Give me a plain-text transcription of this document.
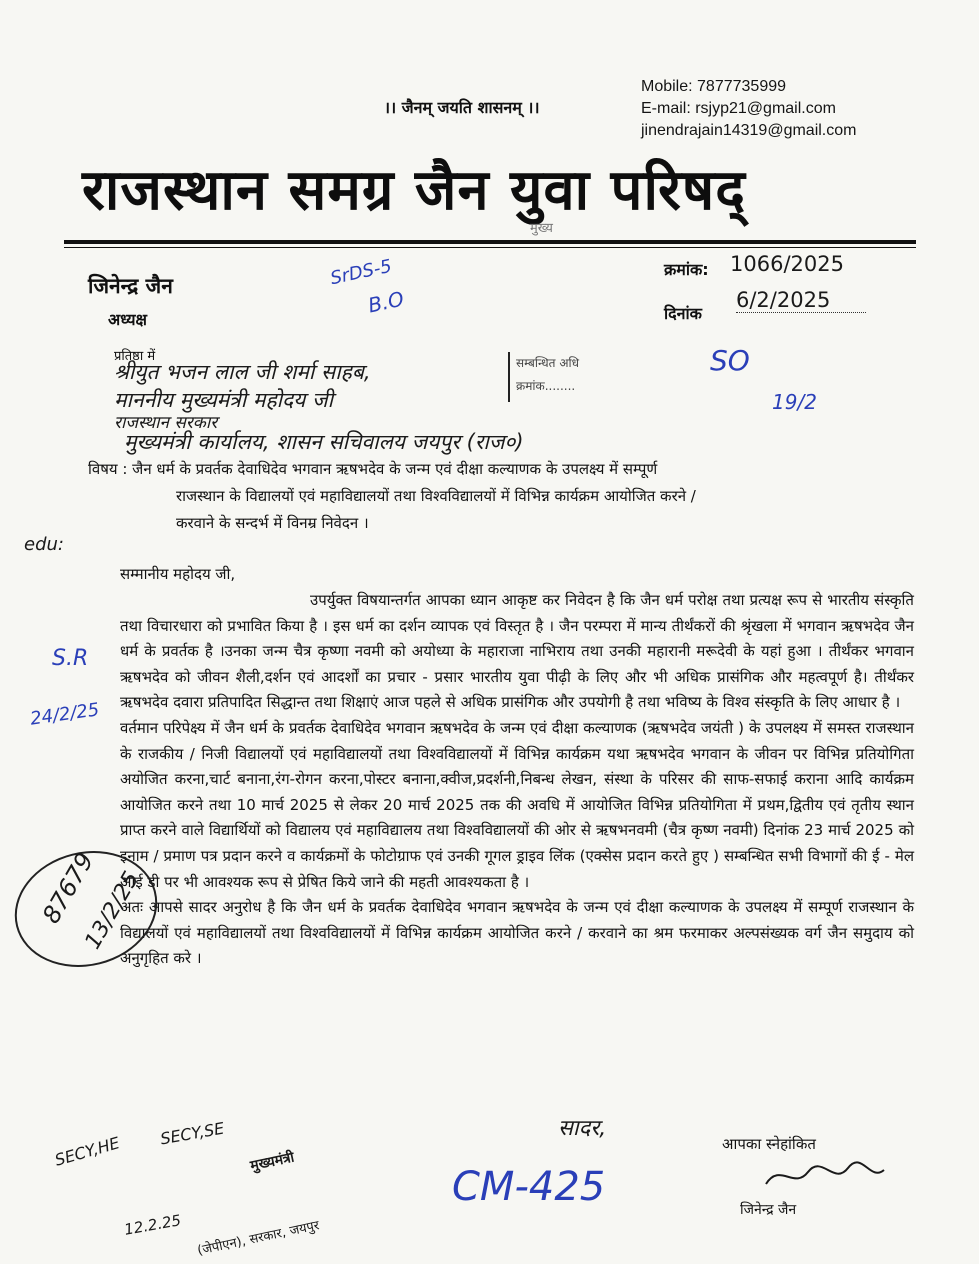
Mobile: 7877735999
E-mail: rsjyp21@gmail.com
jinendrajain14319@gmail.com
।। जैनम् जयति शासनम् ।।
राजस्थान समग्र जैन युवा परिषद्
मुख्य
जिनेन्द्र जैन
अध्यक्ष
क्रमांक: 1066/2025
दिनांक
6/2/2025
SrDS-5
B.O
SO
19/2
प्रतिष्ठा में
श्रीयुत भजन लाल जी शर्मा साहब,
माननीय मुख्यमंत्री महोदय जी
राजस्थान सरकार
मुख्यमंत्री कार्यालय, शासन सचिवालय जयपुर (राज०)
सम्बन्धित अधि
क्रमांक........
विषय : जैन धर्म के प्रवर्तक देवाधिदेव भगवान ऋषभदेव के जन्म एवं दीक्षा कल्याणक के उपलक्ष्य में सम्पूर्ण
राजस्थान के विद्यालयों एवं महाविद्यालयों तथा विश्वविद्यालयों में विभिन्न कार्यक्रम आयोजित करने /
करवाने के सन्दर्भ में विनम्र निवेदन ।
edu:
सम्मानीय महोदय जी,

उपर्युक्त विषयान्तर्गत आपका ध्यान आकृष्ट कर निवेदन है कि जैन धर्म परोक्ष तथा प्रत्यक्ष रूप से भारतीय संस्कृति तथा विचारधारा को प्रभावित किया है । इस धर्म का दर्शन व्यापक एवं विस्तृत है । जैन परम्परा में मान्य तीर्थंकरों की श्रृंखला में भगवान ऋषभदेव जैन धर्म के प्रवर्तक है ।उनका जन्म चैत्र कृष्णा नवमी को अयोध्या के महाराजा नाभिराय तथा उनकी महारानी मरूदेवी के यहां हुआ । तीर्थंकर भगवान ऋषभदेव को जीवन शैली,दर्शन एवं आदर्शों का प्रचार - प्रसार भारतीय युवा पीढ़ी के लिए और भी अधिक प्रासंगिक और महत्वपूर्ण है। तीर्थंकर ऋषभदेव दवारा प्रतिपादित सिद्धान्त तथा शिक्षाएं आज पहले से अधिक प्रासंगिक और उपयोगी है तथा भविष्य के विश्व संस्कृति के लिए आधार है ।

वर्तमान परिपेक्ष्य में जैन धर्म के प्रवर्तक देवाधिदेव भगवान ऋषभदेव के जन्म एवं दीक्षा कल्याणक (ऋषभदेव जयंती ) के उपलक्ष्य में समस्त राजस्थान के राजकीय / निजी विद्यालयों एवं महाविद्यालयों तथा विश्वविद्यालयों में विभिन्न कार्यक्रम यथा ऋषभदेव भगवान के जीवन पर विभिन्न प्रतियोगिता अयोजित करना,चार्ट बनाना,रंग-रोगन करना,पोस्टर बनाना,क्वीज,प्रदर्शनी,निबन्ध लेखन, संस्था के परिसर की साफ-सफाई कराना आदि कार्यक्रम आयोजित करने तथा 10 मार्च 2025 से लेकर 20 मार्च 2025 तक की अवधि में आयोजित विभिन्न प्रतियोगिता में प्रथम,द्वितीय एवं तृतीय स्थान प्राप्त करने वाले विद्यार्थियों को विद्यालय एवं महाविद्यालय तथा विश्वविद्यालयों की ओर से ऋषभनवमी (चैत्र कृष्ण नवमी) दिनांक 23 मार्च 2025 को इनाम / प्रमाण पत्र प्रदान करने व कार्यक्रमों के फोटोग्राफ एवं उनकी गूगल ड्राइव लिंक (एक्सेस प्रदान करते हुए ) सम्बन्धित सभी विभागों की ई - मेल आई डी पर भी आवश्यक रूप से प्रेषित किये जाने की महती आवश्यकता है ।

अतः आपसे सादर अनुरोध है कि जैन धर्म के प्रवर्तक देवाधिदेव भगवान ऋषभदेव के जन्म एवं दीक्षा कल्याणक के उपलक्ष्य में सम्पूर्ण राजस्थान के विद्यालयों एवं महाविद्यालयों तथा विश्वविद्यालयों में विभिन्न कार्यक्रम आयोजित करने / करवाने का श्रम फरमाकर अल्पसंख्यक वर्ग जैन समुदाय को अनुगृहित करे ।

S.R
24/2/25
87679
13/2/25
सादर,
आपका स्नेहांकित
जिनेन्द्र जैन
SECY,HE SECY,SE
12.2.25
मुख्यमंत्री
(जेपीएन), सरकार, जयपुर
CM-425
